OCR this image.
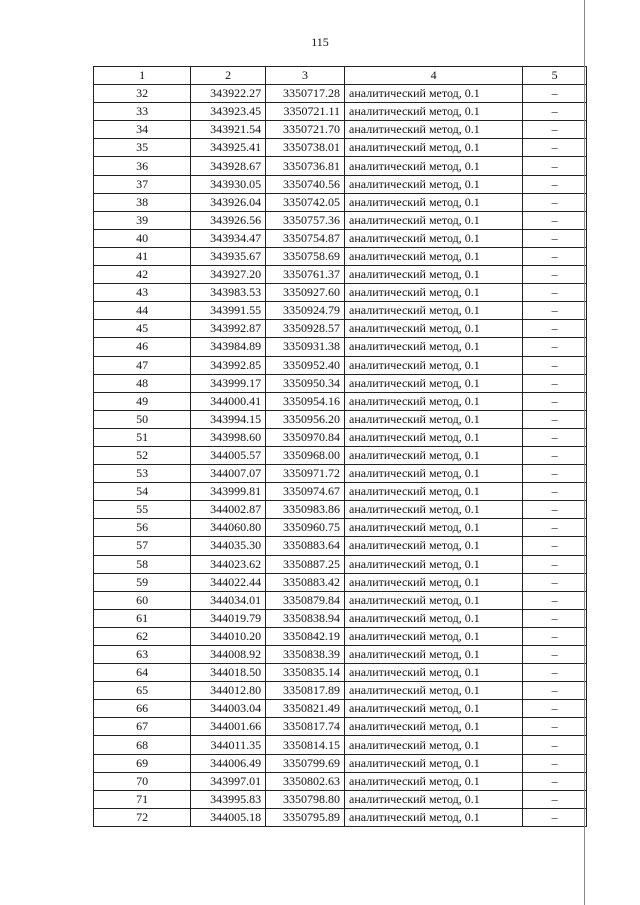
115
1	2	3	4	5
32	343922.27	3350717.28	аналитический метод, 0.1	–
33	343923.45	3350721.11	аналитический метод, 0.1	–
34	343921.54	3350721.70	аналитический метод, 0.1	–
35	343925.41	3350738.01	аналитический метод, 0.1	–
36	343928.67	3350736.81	аналитический метод, 0.1	–
37	343930.05	3350740.56	аналитический метод, 0.1	–
38	343926.04	3350742.05	аналитический метод, 0.1	–
39	343926.56	3350757.36	аналитический метод, 0.1	–
40	343934.47	3350754.87	аналитический метод, 0.1	–
41	343935.67	3350758.69	аналитический метод, 0.1	–
42	343927.20	3350761.37	аналитический метод, 0.1	–
43	343983.53	3350927.60	аналитический метод, 0.1	–
44	343991.55	3350924.79	аналитический метод, 0.1	–
45	343992.87	3350928.57	аналитический метод, 0.1	–
46	343984.89	3350931.38	аналитический метод, 0.1	–
47	343992.85	3350952.40	аналитический метод, 0.1	–
48	343999.17	3350950.34	аналитический метод, 0.1	–
49	344000.41	3350954.16	аналитический метод, 0.1	–
50	343994.15	3350956.20	аналитический метод, 0.1	–
51	343998.60	3350970.84	аналитический метод, 0.1	–
52	344005.57	3350968.00	аналитический метод, 0.1	–
53	344007.07	3350971.72	аналитический метод, 0.1	–
54	343999.81	3350974.67	аналитический метод, 0.1	–
55	344002.87	3350983.86	аналитический метод, 0.1	–
56	344060.80	3350960.75	аналитический метод, 0.1	–
57	344035.30	3350883.64	аналитический метод, 0.1	–
58	344023.62	3350887.25	аналитический метод, 0.1	–
59	344022.44	3350883.42	аналитический метод, 0.1	–
60	344034.01	3350879.84	аналитический метод, 0.1	–
61	344019.79	3350838.94	аналитический метод, 0.1	–
62	344010.20	3350842.19	аналитический метод, 0.1	–
63	344008.92	3350838.39	аналитический метод, 0.1	–
64	344018.50	3350835.14	аналитический метод, 0.1	–
65	344012.80	3350817.89	аналитический метод, 0.1	–
66	344003.04	3350821.49	аналитический метод, 0.1	–
67	344001.66	3350817.74	аналитический метод, 0.1	–
68	344011.35	3350814.15	аналитический метод, 0.1	–
69	344006.49	3350799.69	аналитический метод, 0.1	–
70	343997.01	3350802.63	аналитический метод, 0.1	–
71	343995.83	3350798.80	аналитический метод, 0.1	–
72	344005.18	3350795.89	аналитический метод, 0.1	–
